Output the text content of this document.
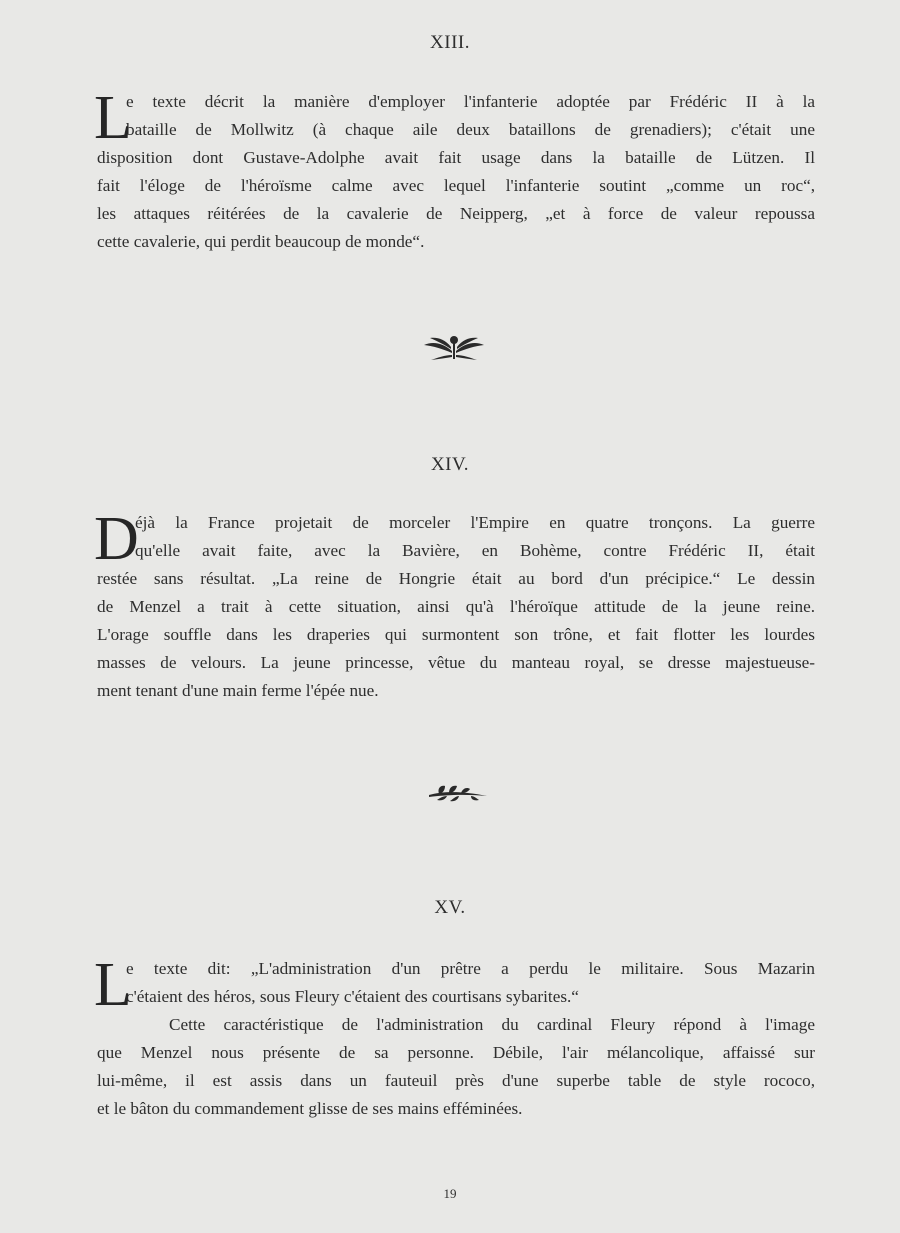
XIII.
L
e texte décrit la manière d'employer l'infanterie adoptée par Frédéric II à la
bataille de Mollwitz (à chaque aile deux bataillons de grenadiers); c'était une
disposition dont Gustave-Adolphe avait fait usage dans la bataille de Lützen. Il
fait l'éloge de l'héroïsme calme avec lequel l'infanterie soutint „comme un roc“,
les attaques réitérées de la cavalerie de Neipperg, „et à force de valeur repoussa
cette cavalerie, qui perdit beaucoup de monde“.
XIV.
D
éjà la France projetait de morceler l'Empire en quatre tronçons. La guerre
qu'elle avait faite, avec la Bavière, en Bohème, contre Frédéric II, était
restée sans résultat. „La reine de Hongrie était au bord d'un précipice.“ Le dessin
de Menzel a trait à cette situation, ainsi qu'à l'héroïque attitude de la jeune reine.
L'orage souffle dans les draperies qui surmontent son trône, et fait flotter les lourdes
masses de velours. La jeune princesse, vêtue du manteau royal, se dresse majestueuse-
ment tenant d'une main ferme l'épée nue.
XV.
L
e texte dit: „L'administration d'un prêtre a perdu le militaire. Sous Mazarin
c'étaient des héros, sous Fleury c'étaient des courtisans sybarites.“
Cette caractéristique de l'administration du cardinal Fleury répond à l'image
que Menzel nous présente de sa personne. Débile, l'air mélancolique, affaissé sur
lui-même, il est assis dans un fauteuil près d'une superbe table de style rococo,
et le bâton du commandement glisse de ses mains efféminées.
19
